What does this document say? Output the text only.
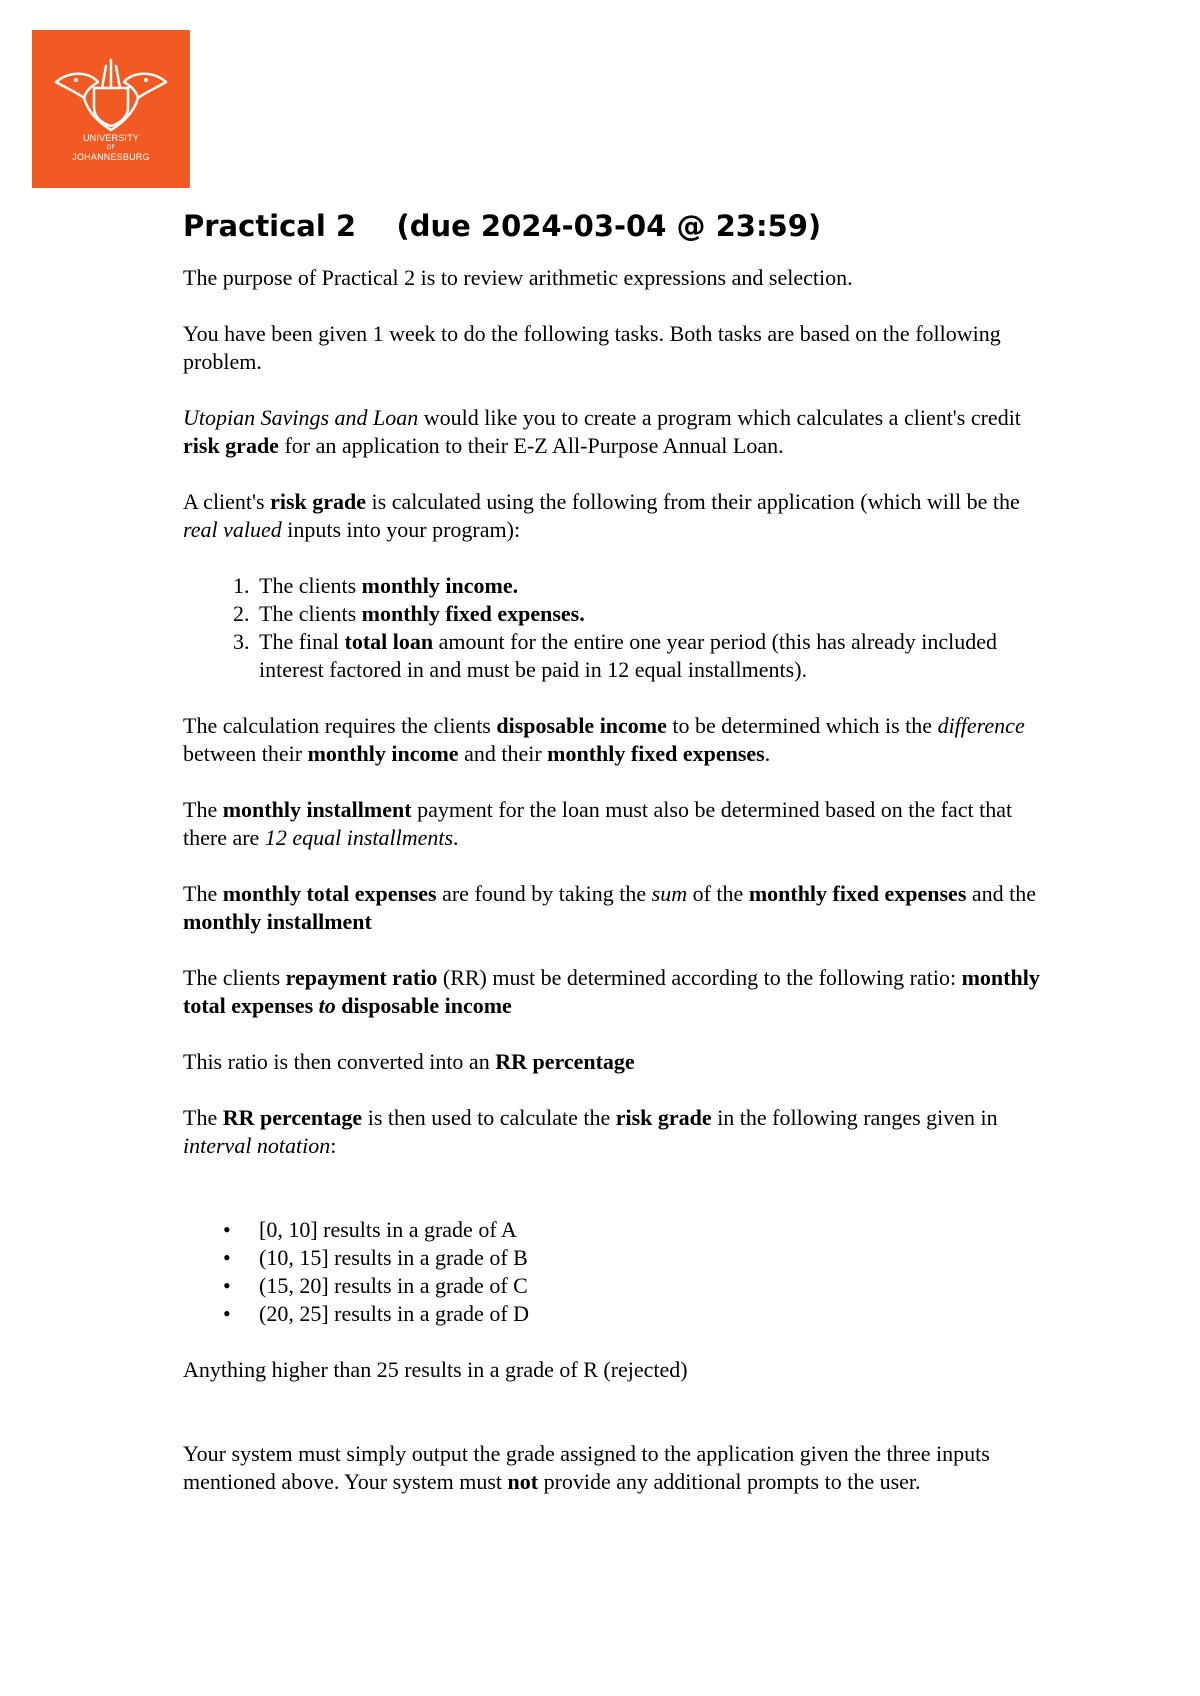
UNIVERSITY
OF
JOHANNESBURG
Practical 2    (due 2024-03-04 @ 23:59)

The purpose of Practical 2 is to review arithmetic expressions and selection.

You have been given 1 week to do the following tasks. Both tasks are based on the following problem.

Utopian Savings and Loan would like you to create a program which calculates a client's credit risk grade for an application to their E-Z All-Purpose Annual Loan.

A client's risk grade is calculated using the following from their application (which will be the real valued inputs into your program):

1. The clients monthly income.
2. The clients monthly fixed expenses.
3. The final total loan amount for the entire one year period (this has already included interest factored in and must be paid in 12 equal installments).

The calculation requires the clients disposable income to be determined which is the difference between their monthly income and their monthly fixed expenses.

The monthly installment payment for the loan must also be determined based on the fact that there are 12 equal installments.

The monthly total expenses are found by taking the sum of the monthly fixed expenses and the monthly installment

The clients repayment ratio (RR) must be determined according to the following ratio: monthly total expenses to disposable income

This ratio is then converted into an RR percentage

The RR percentage is then used to calculate the risk grade in the following ranges given in interval notation:

• [0, 10] results in a grade of A
• (10, 15] results in a grade of B
• (15, 20] results in a grade of C
• (20, 25] results in a grade of D

Anything higher than 25 results in a grade of R (rejected)

Your system must simply output the grade assigned to the application given the three inputs mentioned above. Your system must not provide any additional prompts to the user.
